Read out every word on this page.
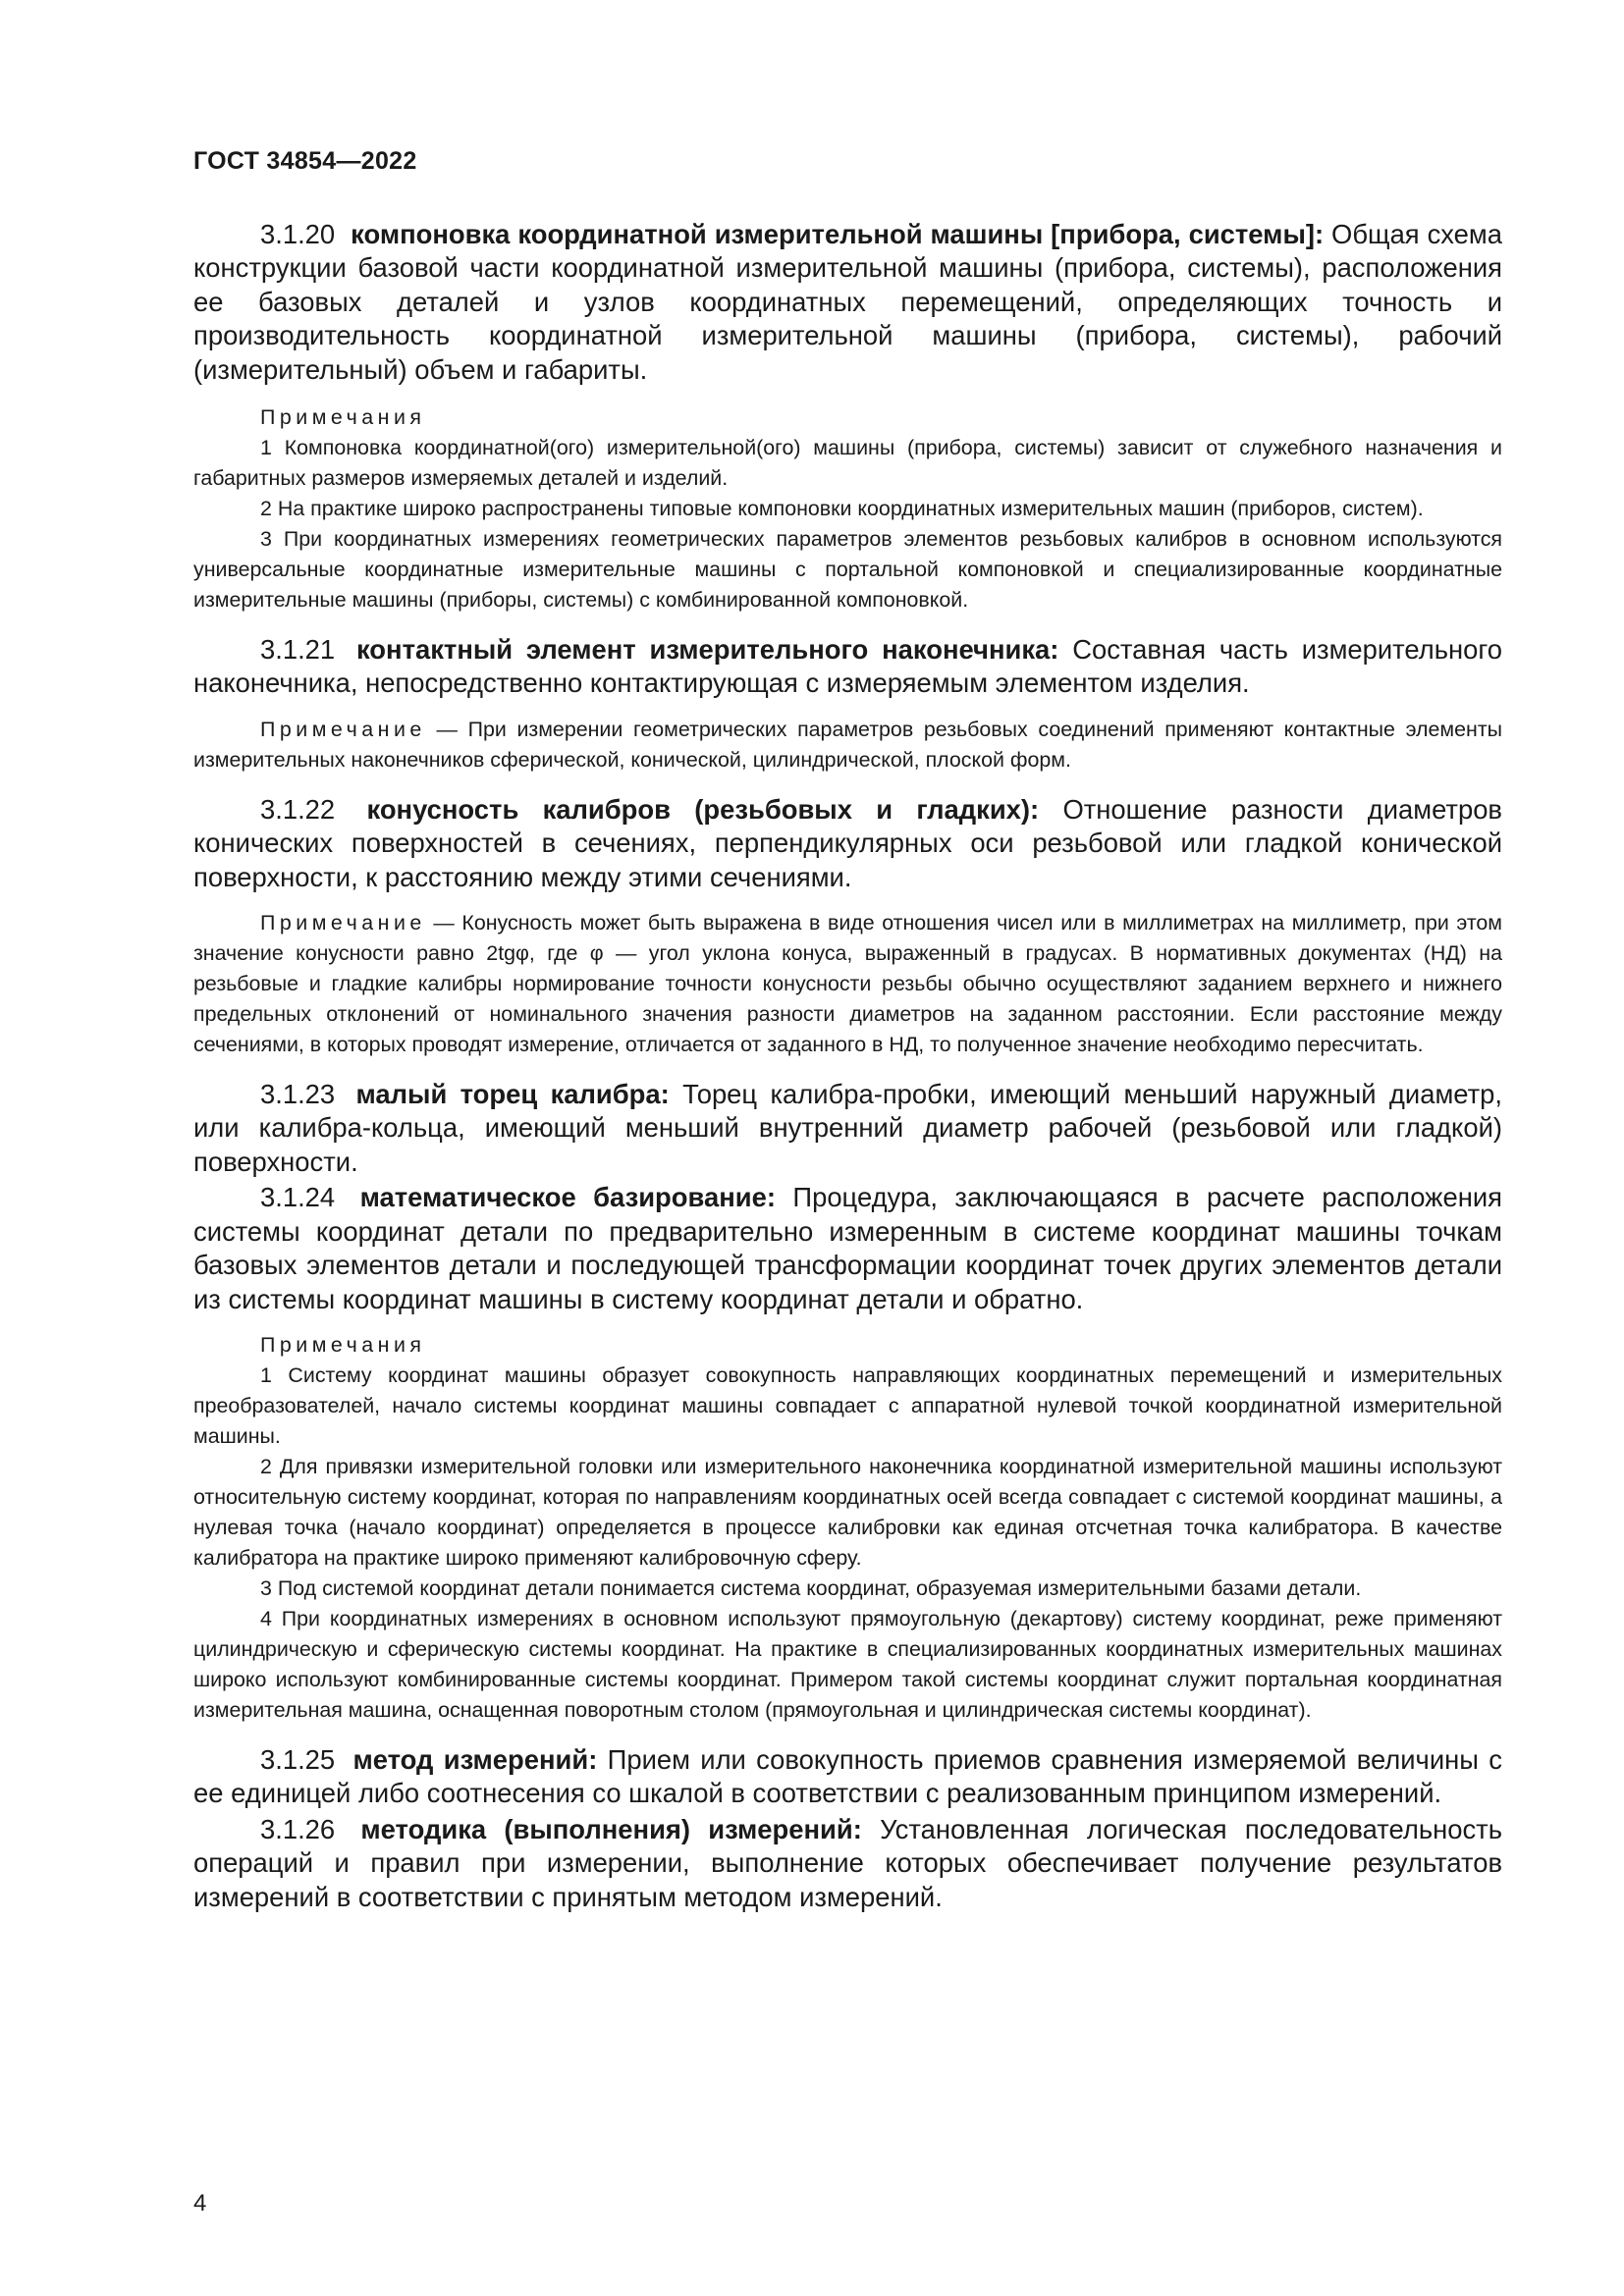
ГОСТ 34854—2022

3.1.20 компоновка координатной измерительной машины [прибора, системы]: Общая схема конструкции базовой части координатной измерительной машины (прибора, системы), расположения ее базовых деталей и узлов координатных перемещений, определяющих точность и производительность координатной измерительной машины (прибора, системы), рабочий (измерительный) объем и габариты.

Примечания

1 Компоновка координатной(ого) измерительной(ого) машины (прибора, системы) зависит от служебного назначения и габаритных размеров измеряемых деталей и изделий.

2 На практике широко распространены типовые компоновки координатных измерительных машин (приборов, систем).

3 При координатных измерениях геометрических параметров элементов резьбовых калибров в основном используются универсальные координатные измерительные машины с портальной компоновкой и специализированные координатные измерительные машины (приборы, системы) с комбинированной компоновкой.

3.1.21 контактный элемент измерительного наконечника: Составная часть измерительного наконечника, непосредственно контактирующая с измеряемым элементом изделия.

Примечание — При измерении геометрических параметров резьбовых соединений применяют контактные элементы измерительных наконечников сферической, конической, цилиндрической, плоской форм.

3.1.22 конусность калибров (резьбовых и гладких): Отношение разности диаметров конических поверхностей в сечениях, перпендикулярных оси резьбовой или гладкой конической поверхности, к расстоянию между этими сечениями.

Примечание — Конусность может быть выражена в виде отношения чисел или в миллиметрах на миллиметр, при этом значение конусности равно 2tgφ, где φ — угол уклона конуса, выраженный в градусах. В нормативных документах (НД) на резьбовые и гладкие калибры нормирование точности конусности резьбы обычно осуществляют заданием верхнего и нижнего предельных отклонений от номинального значения разности диаметров на заданном расстоянии. Если расстояние между сечениями, в которых проводят измерение, отличается от заданного в НД, то полученное значение необходимо пересчитать.

3.1.23 малый торец калибра: Торец калибра-пробки, имеющий меньший наружный диаметр, или калибра-кольца, имеющий меньший внутренний диаметр рабочей (резьбовой или гладкой) поверхности.

3.1.24 математическое базирование: Процедура, заключающаяся в расчете расположения системы координат детали по предварительно измеренным в системе координат машины точкам базовых элементов детали и последующей трансформации координат точек других элементов детали из системы координат машины в систему координат детали и обратно.

Примечания

1 Систему координат машины образует совокупность направляющих координатных перемещений и измерительных преобразователей, начало системы координат машины совпадает с аппаратной нулевой точкой координатной измерительной машины.

2 Для привязки измерительной головки или измерительного наконечника координатной измерительной машины используют относительную систему координат, которая по направлениям координатных осей всегда совпадает с системой координат машины, а нулевая точка (начало координат) определяется в процессе калибровки как единая отсчетная точка калибратора. В качестве калибратора на практике широко применяют калибровочную сферу.

3 Под системой координат детали понимается система координат, образуемая измерительными базами детали.

4 При координатных измерениях в основном используют прямоугольную (декартову) систему координат, реже применяют цилиндрическую и сферическую системы координат. На практике в специализированных координатных измерительных машинах широко используют комбинированные системы координат. Примером такой системы координат служит портальная координатная измерительная машина, оснащенная поворотным столом (прямоугольная и цилиндрическая системы координат).

3.1.25 метод измерений: Прием или совокупность приемов сравнения измеряемой величины с ее единицей либо соотнесения со шкалой в соответствии с реализованным принципом измерений.

3.1.26 методика (выполнения) измерений: Установленная логическая последовательность операций и правил при измерении, выполнение которых обеспечивает получение результатов измерений в соответствии с принятым методом измерений.

4
